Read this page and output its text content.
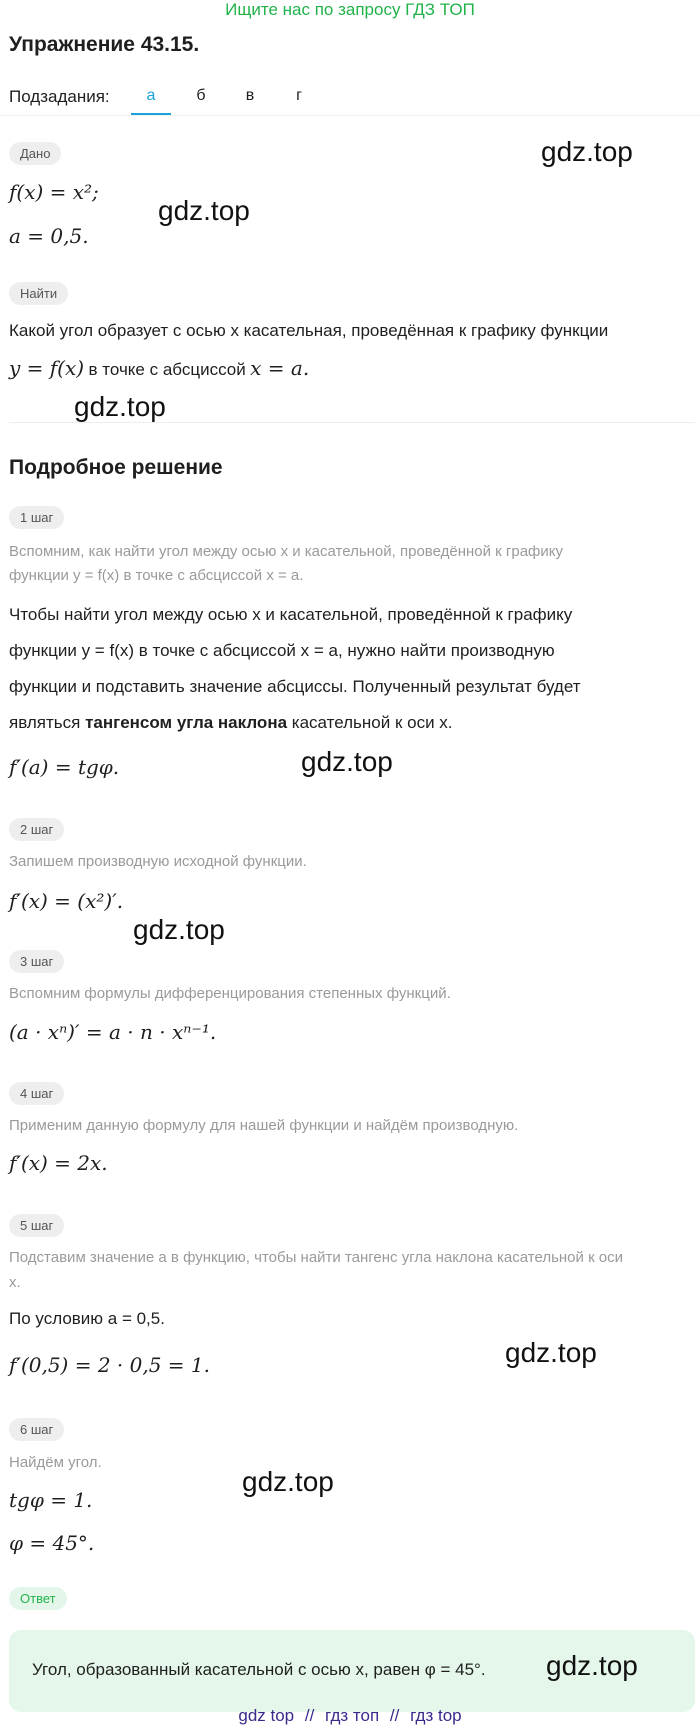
Ищите нас по запросу ГДЗ ТОП
Упражнение 43.15.
Подзадания:	а	б	в	г
Дано
f(x) = x²;
a = 0,5.
Найти
Какой угол образует с осью x касательная, проведённая к графику функции
y = f(x) в точке с абсциссой x = a.
Подробное решение
1 шаг
Вспомним, как найти угол между осью x и касательной, проведённой к графику
функции y = f(x) в точке с абсциссой x = a.
Чтобы найти угол между осью x и касательной, проведённой к графику
функции y = f(x) в точке с абсциссой x = a, нужно найти производную
функции и подставить значение абсциссы. Полученный результат будет
являться тангенсом угла наклона касательной к оси x.
f′(a) = tgφ.
2 шаг
Запишем производную исходной функции.
f′(x) = (x²)′.
3 шаг
Вспомним формулы дифференцирования степенных функций.
(a · xⁿ)′ = a · n · xⁿ⁻¹.
4 шаг
Применим данную формулу для нашей функции и найдём производную.
f′(x) = 2x.
5 шаг
Подставим значение a в функцию, чтобы найти тангенс угла наклона касательной к оси
x.
По условию a = 0,5.
f′(0,5) = 2 · 0,5 = 1.
6 шаг
Найдём угол.
tgφ = 1.
φ = 45°.
Ответ
Угол, образованный касательной с осью x, равен φ = 45°.
gdz.top
gdz.top
gdz.top
gdz.top
gdz.top
gdz.top
gdz.top
gdz.top
gdz top // гдз топ // гдз top
